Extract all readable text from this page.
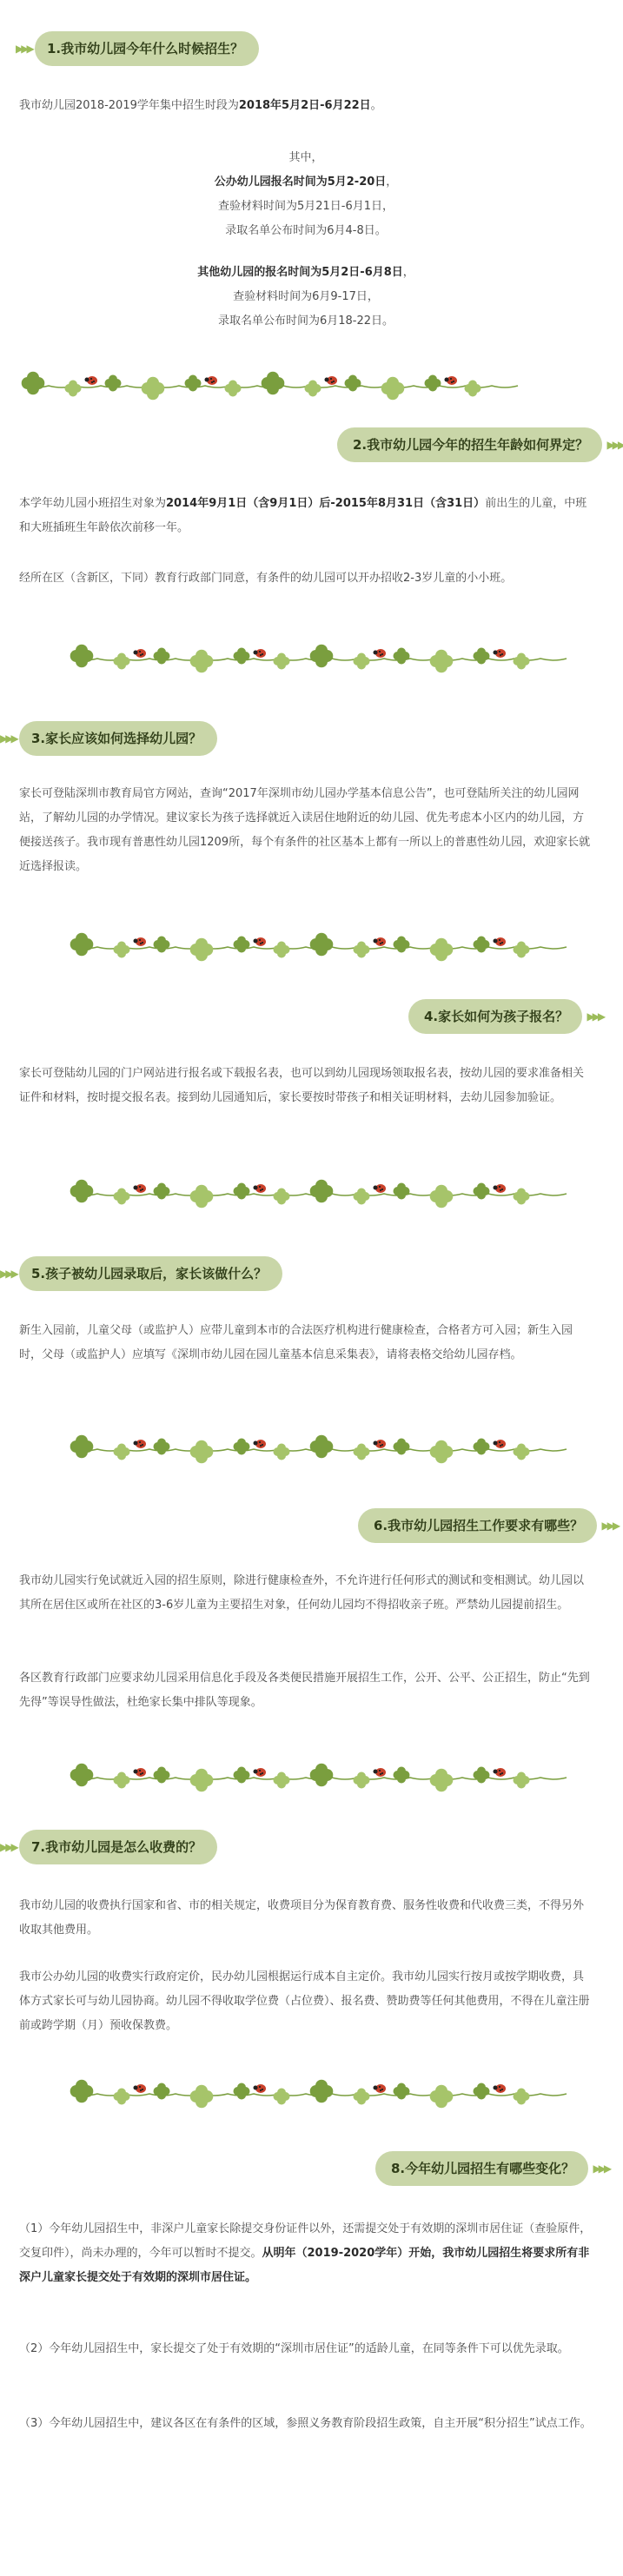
▶▶▶ 1.我市幼儿园今年什么时候招生？
我市幼儿园2018-2019学年集中招生时段为2018年5月2日-6月22日。
其中，
公办幼儿园报名时间为5月2-20日，
查验材料时间为5月21日-6月1日，
录取名单公布时间为6月4-8日。
其他幼儿园的报名时间为5月2日-6月8日，
查验材料时间为6月9-17日，
录取名单公布时间为6月18-22日。
2.我市幼儿园今年的招生年龄如何界定？ ▶▶▶
本学年幼儿园小班招生对象为2014年9月1日（含9月1日）后-2015年8月31日（含31日）前出生的儿童，中班和大班插班生年龄依次前移一年。
经所在区（含新区，下同）教育行政部门同意，有条件的幼儿园可以开办招收2-3岁儿童的小小班。
▶▶▶ 3.家长应该如何选择幼儿园？
家长可登陆深圳市教育局官方网站，查询“2017年深圳市幼儿园办学基本信息公告”，也可登陆所关注的幼儿园网站，了解幼儿园的办学情况。建议家长为孩子选择就近入读居住地附近的幼儿园、优先考虑本小区内的幼儿园，方便接送孩子。我市现有普惠性幼儿园1209所，每个有条件的社区基本上都有一所以上的普惠性幼儿园，欢迎家长就近选择报读。
4.家长如何为孩子报名？ ▶▶▶
家长可登陆幼儿园的门户网站进行报名或下载报名表，也可以到幼儿园现场领取报名表，按幼儿园的要求准备相关证件和材料，按时提交报名表。接到幼儿园通知后，家长要按时带孩子和相关证明材料，去幼儿园参加验证。
▶▶▶ 5.孩子被幼儿园录取后，家长该做什么？
新生入园前，儿童父母（或监护人）应带儿童到本市的合法医疗机构进行健康检查，合格者方可入园；新生入园时，父母（或监护人）应填写《深圳市幼儿园在园儿童基本信息采集表》，请将表格交给幼儿园存档。
6.我市幼儿园招生工作要求有哪些？ ▶▶▶
我市幼儿园实行免试就近入园的招生原则，除进行健康检查外，不允许进行任何形式的测试和变相测试。幼儿园以其所在居住区或所在社区的3-6岁儿童为主要招生对象，任何幼儿园均不得招收亲子班。严禁幼儿园提前招生。
各区教育行政部门应要求幼儿园采用信息化手段及各类便民措施开展招生工作，公开、公平、公正招生，防止“先到先得”等误导性做法，杜绝家长集中排队等现象。
▶▶▶ 7.我市幼儿园是怎么收费的？
我市幼儿园的收费执行国家和省、市的相关规定，收费项目分为保育教育费、服务性收费和代收费三类，不得另外收取其他费用。
我市公办幼儿园的收费实行政府定价，民办幼儿园根据运行成本自主定价。我市幼儿园实行按月或按学期收费，具体方式家长可与幼儿园协商。幼儿园不得收取学位费（占位费）、报名费、赞助费等任何其他费用，不得在儿童注册前或跨学期（月）预收保教费。
8.今年幼儿园招生有哪些变化？ ▶▶▶
（1）今年幼儿园招生中，非深户儿童家长除提交身份证件以外，还需提交处于有效期的深圳市居住证（查验原件，交复印件），尚未办理的，今年可以暂时不提交。从明年（2019-2020学年）开始，我市幼儿园招生将要求所有非深户儿童家长提交处于有效期的深圳市居住证。
（2）今年幼儿园招生中，家长提交了处于有效期的“深圳市居住证”的适龄儿童，在同等条件下可以优先录取。
（3）今年幼儿园招生中，建议各区在有条件的区域，参照义务教育阶段招生政策，自主开展“积分招生”试点工作。
